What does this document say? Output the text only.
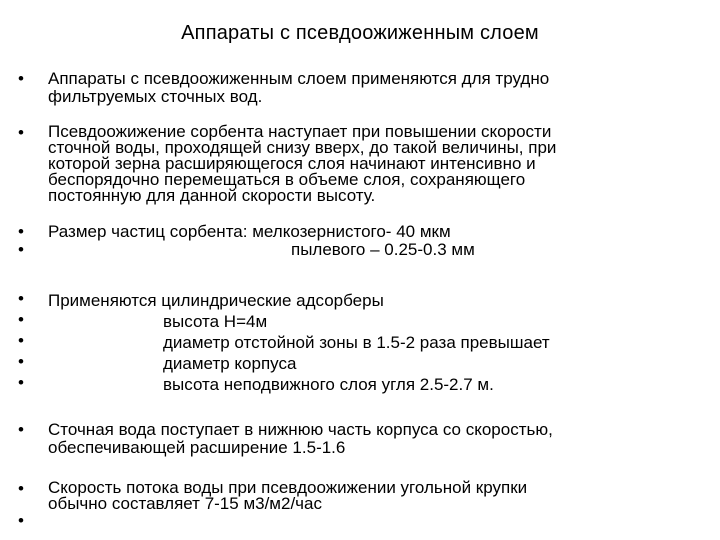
Аппараты с псевдоожиженным слоем
• Аппараты с псевдоожиженным слоем применяются для трудно
фильтруемых сточных вод.
• Псевдоожижение сорбента наступает при повышении скорости
сточной воды, проходящей снизу вверх, до такой величины, при
которой зерна расширяющегося слоя начинают интенсивно и
беспорядочно перемещаться в объеме слоя, сохраняющего
постоянную для данной скорости высоту.
•
•
Размер частиц сорбента: мелкозернистого- 40 мкм
пылевого – 0.25-0.3 мм
•
•
•
•
•
Применяются цилиндрические адсорберы
высота Н=4м
диаметр отстойной зоны в 1.5-2 раза превышает
диаметр корпуса
высота неподвижного слоя угля 2.5-2.7 м.
• Сточная вода поступает в нижнюю часть корпуса со скоростью,
обеспечивающей расширение 1.5-1.6
•
•
Скорость потока воды при псевдоожижении угольной крупки
обычно составляет 7-15 м3/м2/час
